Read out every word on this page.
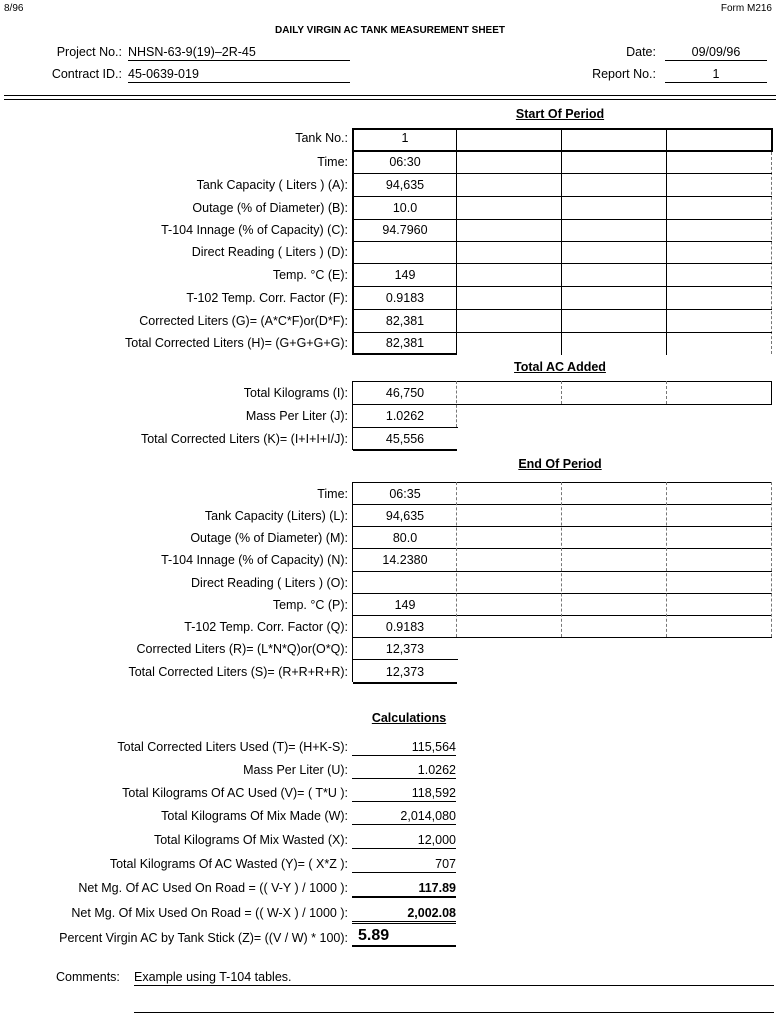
8/96	Form M216
DAILY VIRGIN AC TANK MEASUREMENT SHEET
Project No.: NHSN-63-9(19)–2R-45
Contract ID.: 45-0639-019
Date:	09/09/96
Report No.:	1
Start Of Period
Tank No.:	1
Time:	06:30
Tank Capacity ( Liters ) (A):	94,635
Outage (% of Diameter) (B):	10.0
T-104 Innage (% of Capacity) (C):	94.7960
Direct Reading ( Liters ) (D):
Temp. °C (E):	149
T-102 Temp. Corr. Factor (F):	0.9183
Corrected Liters (G)= (A*C*F)or(D*F):	82,381
Total Corrected Liters (H)= (G+G+G+G):	82,381
Total AC Added
Total Kilograms (I):	46,750
Mass Per Liter (J):	1.0262
Total Corrected Liters (K)= (I+I+I+I/J):	45,556
End Of Period
Time:	06:35
Tank Capacity (Liters) (L):	94,635
Outage (% of Diameter) (M):	80.0
T-104 Innage (% of Capacity) (N):	14.2380
Direct Reading ( Liters ) (O):
Temp. °C (P):	149
T-102 Temp. Corr. Factor (Q):	0.9183
Corrected Liters (R)= (L*N*Q)or(O*Q):	12,373
Total Corrected Liters (S)= (R+R+R+R):	12,373
Calculations
Total Corrected Liters Used (T)= (H+K-S):	115,564
Mass Per Liter (U):	1.0262
Total Kilograms Of AC Used (V)= ( T*U ):	118,592
Total Kilograms Of Mix Made (W):	2,014,080
Total Kilograms Of Mix Wasted (X):	12,000
Total Kilograms Of AC Wasted (Y)= ( X*Z ):	707
Net Mg. Of AC Used On Road = (( V-Y ) / 1000 ):	117.89
Net Mg. Of Mix Used On Road = (( W-X ) / 1000 ):	2,002.08
Percent Virgin AC by Tank Stick (Z)= ((V / W) * 100): 5.89
Comments: Example using T-104 tables.
